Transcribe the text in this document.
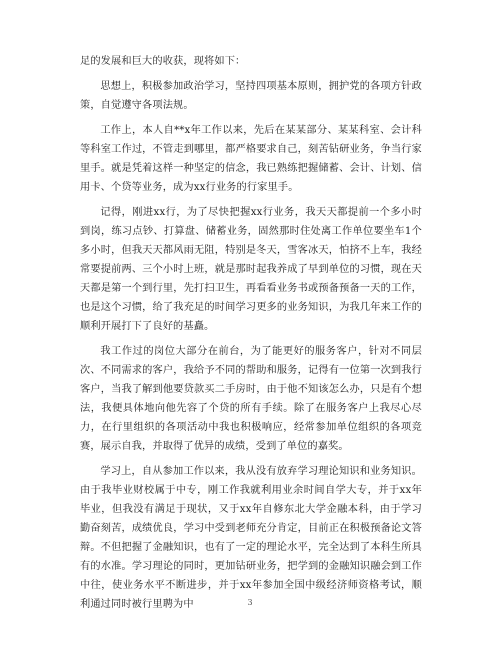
足的发展和巨大的收获，现将如下：

思想上，积极参加政治学习，坚持四项基本原则，拥护党的各项方针政策，自觉遵守各项法规。

工作上，本人自**x年工作以来，先后在某某部分、某某科室、会计科等科室工作过，不管走到哪里，都严格要求自己，刻苦钻研业务，争当行家里手。就是凭着这样一种坚定的信念，我已熟练把握储蓄、会计、计划、信用卡、个贷等业务，成为xx行业务的行家里手。

记得，刚进xx行，为了尽快把握xx行业务，我天天都提前一个多小时到岗，练习点钞、打算盘、储蓄业务，固然那时住处离工作单位要坐车1个多小时，但我天天都风雨无阻，特别是冬天，雪客冰天，怕挤不上车，我经常要提前两、三个小时上班，就是那时起我养成了早到单位的习惯，现在天天都是第一个到行里，先打扫卫生，再看看业务书或预备预备一天的工作，也是这个习惯，给了我充足的时间学习更多的业务知识，为我几年来工作的顺利开展打下了良好的基矗。

我工作过的岗位大部分在前台，为了能更好的服务客户，针对不同层次、不同需求的客户，我给予不同的帮助和服务，记得有一位第一次到我行客户，当我了解到他要贷款买二手房时，由于他不知该怎么办，只是有个想法，我便具体地向他先容了个贷的所有手续。除了在服务客户上我尽心尽力，在行里组织的各项活动中我也积极响应，经常参加单位组织的各项竞赛，展示自我，并取得了优异的成绩，受到了单位的嘉奖。

学习上，自从参加工作以来，我从没有放弃学习理论知识和业务知识。由于我毕业财校属于中专，刚工作我就利用业余时间自学大专，并于xx年毕业，但我没有满足于现状，又于xx年自修东北大学金融本科，由于学习勤奋刻苦，成绩优良，学习中受到老师充分肯定，目前正在积极预备论文答辩。不但把握了金融知识，也有了一定的理论水平，完全达到了本科生所具有的水准。学习理论的同时，更加钻研业务，把学到的金融知识融会到工作中往，使业务水平不断进步，并于xx年参加全国中级经济师资格考试，顺利通过同时被行里聘为中	3
